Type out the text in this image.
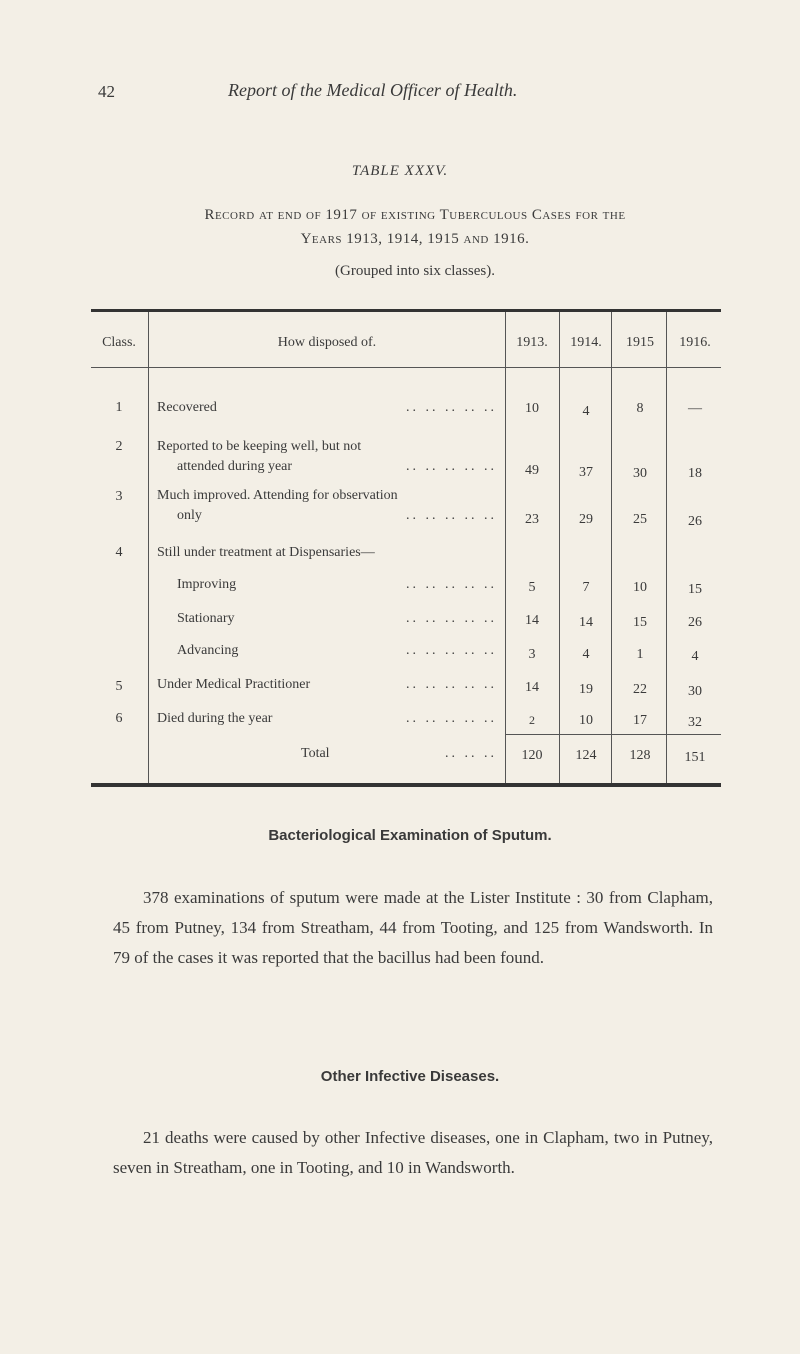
42	Report of the Medical Officer of Health.
TABLE XXXV.
Record at end of 1917 of existing Tuberculous Cases for the
Years 1913, 1914, 1915 and 1916.
(Grouped into six classes).
Class.	How disposed of.	1913.	1914.	1915	1916.
1	Recovered	.. .. .. .. ..	10	4	8	—
2	Reported to be keeping well, but not
attended during year	.. .. .. .. ..	49	37	30	18
3	Much improved. Attending for observation
only	.. .. .. .. ..	23	29	25	26
4	Still under treatment at Dispensaries—
Improving	.. .. .. .. ..	5	7	10	15
Stationary	.. .. .. .. ..	14	14	15	26
Advancing	.. .. .. .. ..	3	4	1	4
5	Under Medical Practitioner	.. .. .. .. ..	14	19	22	30
6	Died during the year	.. .. .. .. ..	2	10	17	32
Total	.. .. ..	120	124	128	151
Bacteriological Examination of Sputum.
378 examinations of sputum were made at the Lister Institute : 30 from Clapham, 45 from Putney, 134 from Streatham, 44 from Tooting, and 125 from Wandsworth. In 79 of the cases it was reported that the bacillus had been found.
Other Infective Diseases.
21 deaths were caused by other Infective diseases, one in Clapham, two in Putney, seven in Streatham, one in Tooting, and 10 in Wandsworth.
